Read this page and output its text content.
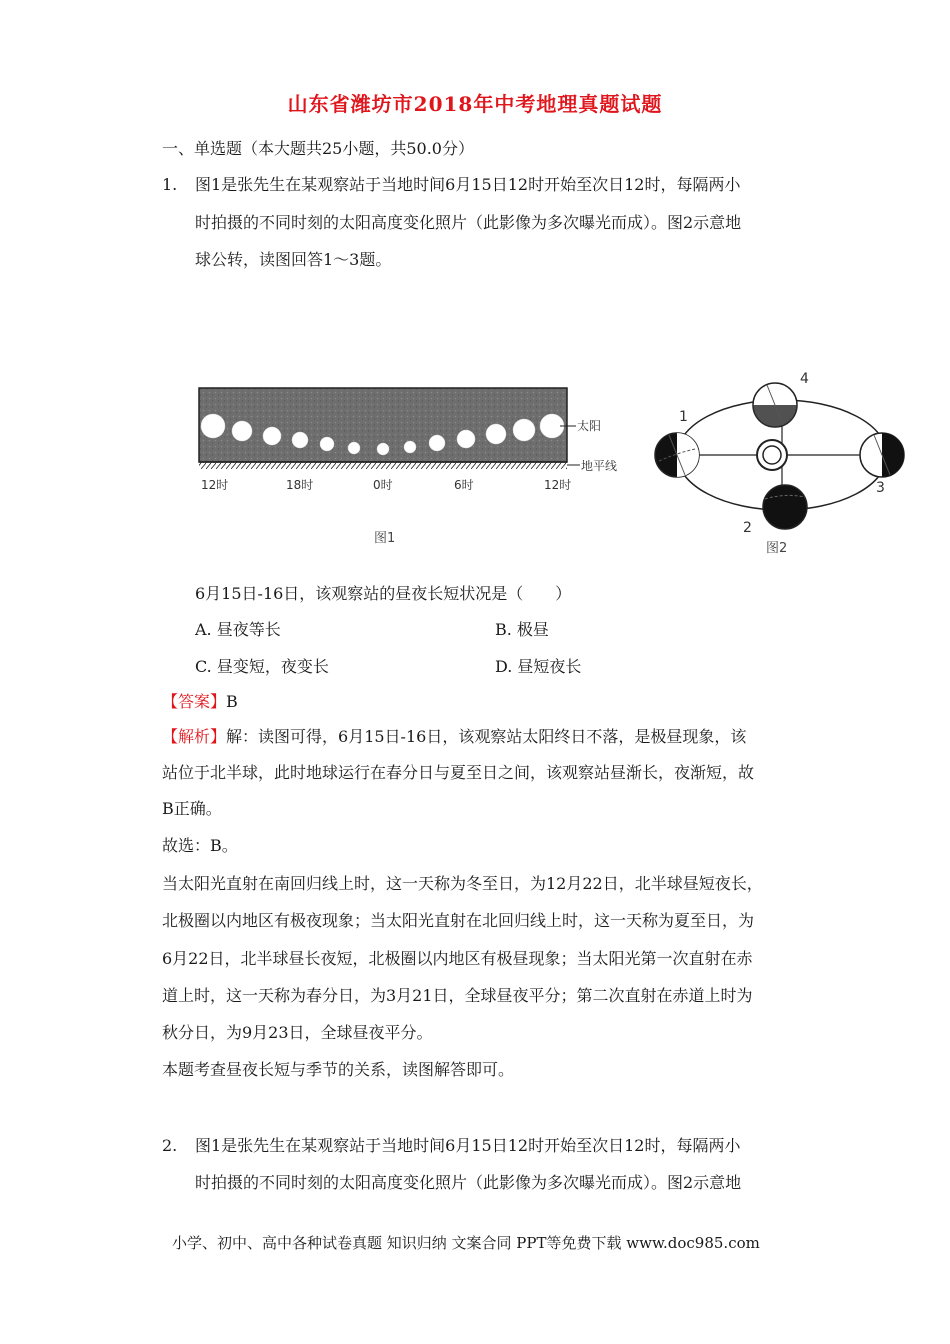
山东省潍坊市2018年中考地理真题试题
一、单选题（本大题共25小题，共50.0分）
1. 图1是张先生在某观察站于当地时间6月15日12时开始至次日12时，每隔两小
时拍摄的不同时刻的太阳高度变化照片（此影像为多次曝光而成）。图2示意地
球公转，读图回答1～3题。
太阳
地平线
12时	18时	0时	6时	12时
图1
1
2
3
4
图2
6月15日-16日，该观察站的昼夜长短状况是（　　）
A. 昼夜等长	B. 极昼
C. 昼变短，夜变长	D. 昼短夜长
【答案】B
【解析】解：读图可得，6月15日-16日，该观察站太阳终日不落，是极昼现象，该
站位于北半球，此时地球运行在春分日与夏至日之间，该观察站昼渐长，夜渐短，故
B正确。
故选：B。
当太阳光直射在南回归线上时，这一天称为冬至日，为12月22日，北半球昼短夜长，
北极圈以内地区有极夜现象；当太阳光直射在北回归线上时，这一天称为夏至日，为
6月22日，北半球昼长夜短，北极圈以内地区有极昼现象；当太阳光第一次直射在赤
道上时，这一天称为春分日，为3月21日，全球昼夜平分；第二次直射在赤道上时为
秋分日，为9月23日，全球昼夜平分。
本题考查昼夜长短与季节的关系，读图解答即可。
2. 图1是张先生在某观察站于当地时间6月15日12时开始至次日12时，每隔两小
时拍摄的不同时刻的太阳高度变化照片（此影像为多次曝光而成）。图2示意地
小学、初中、高中各种试卷真题 知识归纳 文案合同 PPT等免费下载 www.doc985.com
